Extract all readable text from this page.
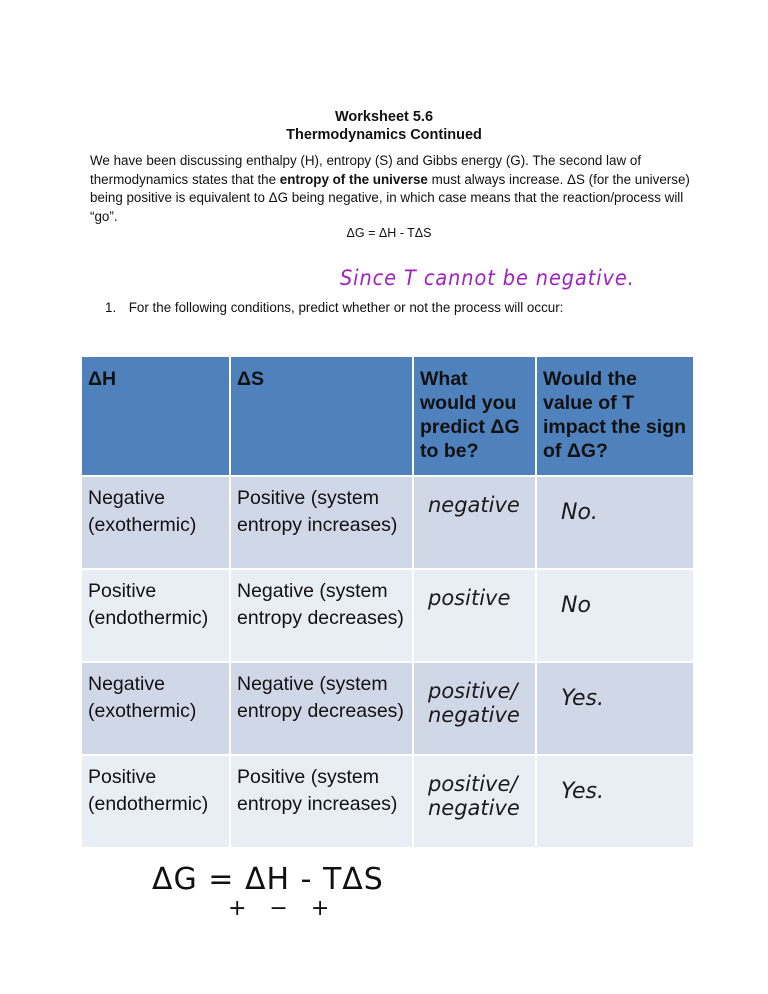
Worksheet 5.6
Thermodynamics Continued
We have been discussing enthalpy (H), entropy (S) and Gibbs energy (G). The second law of thermodynamics states that the entropy of the universe must always increase. ΔS (for the universe) being positive is equivalent to ΔG being negative, in which case means that the reaction/process will “go”.
ΔG = ΔH - TΔS
Since T cannot be negative.
1. For the following conditions, predict whether or not the process will occur:
ΔH	ΔS	What would you predict ΔG to be?	Would the value of T impact the sign of ΔG?
Negative (exothermic)	Positive (system entropy increases)	negative	No.
Positive (endothermic)	Negative (system entropy decreases)	positive	No
Negative (exothermic)	Negative (system entropy decreases)	positive/ negative	Yes.
Positive (endothermic)	Positive (system entropy increases)	positive/ negative	Yes.
ΔG = ΔH - TΔS
+ − +
